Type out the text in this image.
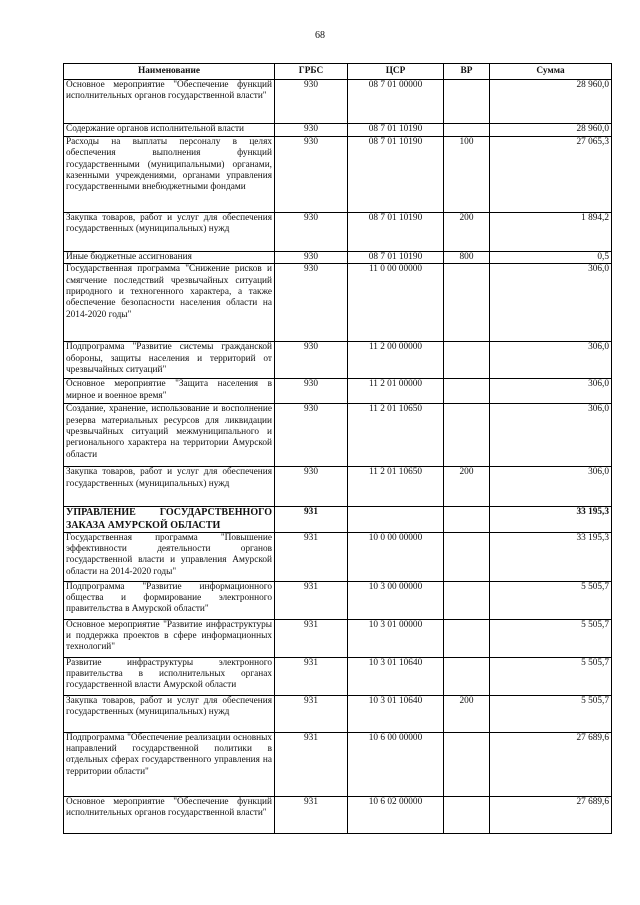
68
Наименование	ГРБС	ЦСР	ВР	Сумма
Основное мероприятие "Обеспечение функций исполнительных органов государственной власти"	930	08 7 01 00000		28 960,0
Содержание органов исполнительной власти	930	08 7 01 10190		28 960,0
Расходы на выплаты персоналу в целях обеспечения выполнения функций государственными (муниципальными) органами, казенными учреждениями, органами управления государственными внебюджетными фондами	930	08 7 01 10190	100	27 065,3
Закупка товаров, работ и услуг для обеспечения государственных (муниципальных) нужд	930	08 7 01 10190	200	1 894,2
Иные бюджетные ассигнования	930	08 7 01 10190	800	0,5
Государственная программа "Снижение рисков и смягчение последствий чрезвычайных ситуаций природного и техногенного характера, а также обеспечение безопасности населения области на 2014-2020 годы"	930	11 0 00 00000		306,0
Подпрограмма "Развитие системы гражданской обороны, защиты населения и территорий от чрезвычайных ситуаций"	930	11 2 00 00000		306,0
Основное мероприятие "Защита населения в мирное и военное время"	930	11 2 01 00000		306,0
Создание, хранение, использование и восполнение резерва материальных ресурсов для ликвидации чрезвычайных ситуаций межмуниципального и регионального характера на территории Амурской области	930	11 2 01 10650		306,0
Закупка товаров, работ и услуг для обеспечения государственных (муниципальных) нужд	930	11 2 01 10650	200	306,0
УПРАВЛЕНИЕ ГОСУДАРСТВЕННОГО ЗАКАЗА АМУРСКОЙ ОБЛАСТИ	931			33 195,3
Государственная программа "Повышение эффективности деятельности органов государственной власти и управления Амурской области на 2014-2020 годы"	931	10 0 00 00000		33 195,3
Подпрограмма "Развитие информационного общества и формирование электронного правительства в Амурской области"	931	10 3 00 00000		5 505,7
Основное мероприятие "Развитие инфраструктуры и поддержка проектов в сфере информационных технологий"	931	10 3 01 00000		5 505,7
Развитие инфраструктуры электронного правительства в исполнительных органах государственной власти Амурской области	931	10 3 01 10640		5 505,7
Закупка товаров, работ и услуг для обеспечения государственных (муниципальных) нужд	931	10 3 01 10640	200	5 505,7
Подпрограмма "Обеспечение реализации основных направлений государственной политики в отдельных сферах государственного управления на территории области"	931	10 6 00 00000		27 689,6
Основное мероприятие "Обеспечение функций исполнительных органов государственной власти"	931	10 6 02 00000		27 689,6
